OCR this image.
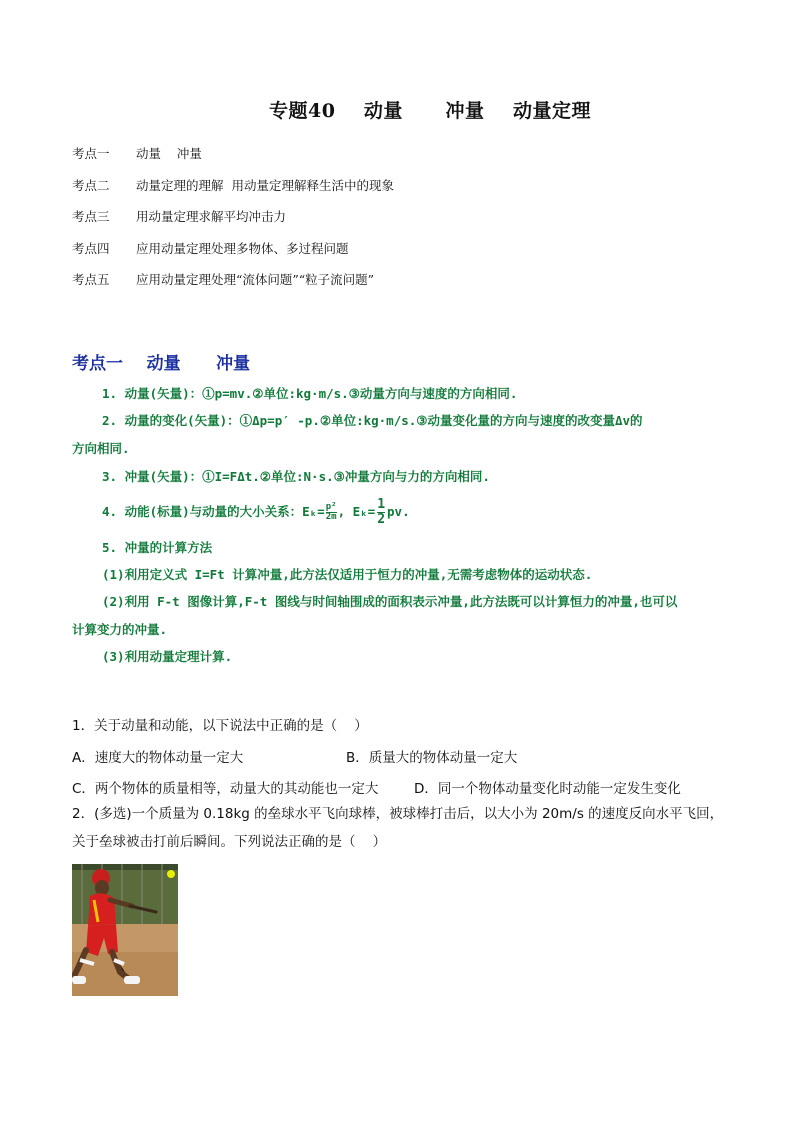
专题40    动量      冲量    动量定理
考点一	动量    冲量
考点二	动量定理的理解  用动量定理解释生活中的现象
考点三	用动量定理求解平均冲击力
考点四	应用动量定理处理多物体、多过程问题
考点五	应用动量定理处理“流体问题”“粒子流问题”
考点一    动量      冲量
1. 动量(矢量)：①p=mv.②单位:kg·m/s.③动量方向与速度的方向相同.
2. 动量的变化(矢量)：①Δp=p′ -p.②单位:kg·m/s.③动量变化量的方向与速度的改变量Δv的
方向相同.
3. 冲量(矢量)：①I=FΔt.②单位:N·s.③冲量方向与力的方向相同.
4. 动能(标量)与动量的大小关系：$E_k=\frac{\text{p²}}{2m}$ , $E_k= \frac{1}{2}$ pv.
5. 冲量的计算方法
(1)利用定义式 I=Ft 计算冲量,此方法仅适用于恒力的冲量,无需考虑物体的运动状态.
(2)利用 F-t 图像计算,F-t 图线与时间轴围成的面积表示冲量,此方法既可以计算恒力的冲量,也可以
计算变力的冲量.
(3)利用动量定理计算.
1．关于动量和动能，以下说法中正确的是（    ）
A．速度大的物体动量一定大	B．质量大的物体动量一定大
C．两个物体的质量相等，动量大的其动能也一定大	D．同一个物体动量变化时动能一定发生变化
2．(多选)一个质量为 0.18kg 的垒球水平飞向球棒，被球棒打击后，以大小为 20m/s 的速度反向水平飞回，
关于垒球被击打前后瞬间。下列说法正确的是（    ）
